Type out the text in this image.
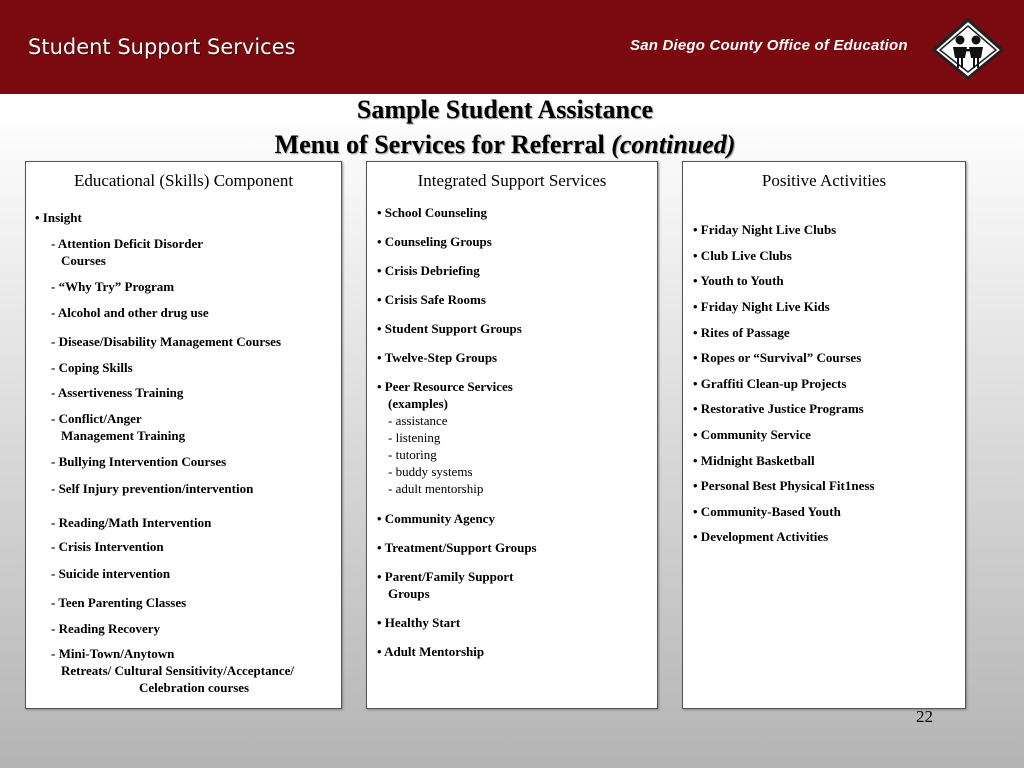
Student Support Services	San Diego County Office of Education
Sample Student Assistance
Menu of Services for Referral (continued)
Educational (Skills) Component
• Insight
- Attention Deficit Disorder
Courses
- “Why Try” Program
- Alcohol and other drug use
- Disease/Disability Management Courses
- Coping Skills
- Assertiveness Training
- Conflict/Anger
Management Training
- Bullying Intervention Courses
- Self Injury prevention/intervention
- Reading/Math Intervention
- Crisis Intervention
- Suicide intervention
- Teen Parenting Classes
- Reading Recovery
- Mini-Town/Anytown
Retreats/ Cultural Sensitivity/Acceptance/
Celebration courses
Integrated Support Services
• School Counseling
• Counseling Groups
• Crisis Debriefing
• Crisis Safe Rooms
• Student Support Groups
• Twelve-Step Groups
• Peer Resource Services
(examples)
- assistance
- listening
- tutoring
- buddy systems
- adult mentorship
• Community Agency
• Treatment/Support Groups
• Parent/Family Support
Groups
• Healthy Start
• Adult Mentorship
Positive Activities
• Friday Night Live Clubs
• Club Live Clubs
• Youth to Youth
• Friday Night Live Kids
• Rites of Passage
• Ropes or “Survival” Courses
• Graffiti Clean-up Projects
• Restorative Justice Programs
• Community Service
• Midnight Basketball
• Personal Best Physical Fit1ness
• Community-Based Youth
• Development Activities
22
